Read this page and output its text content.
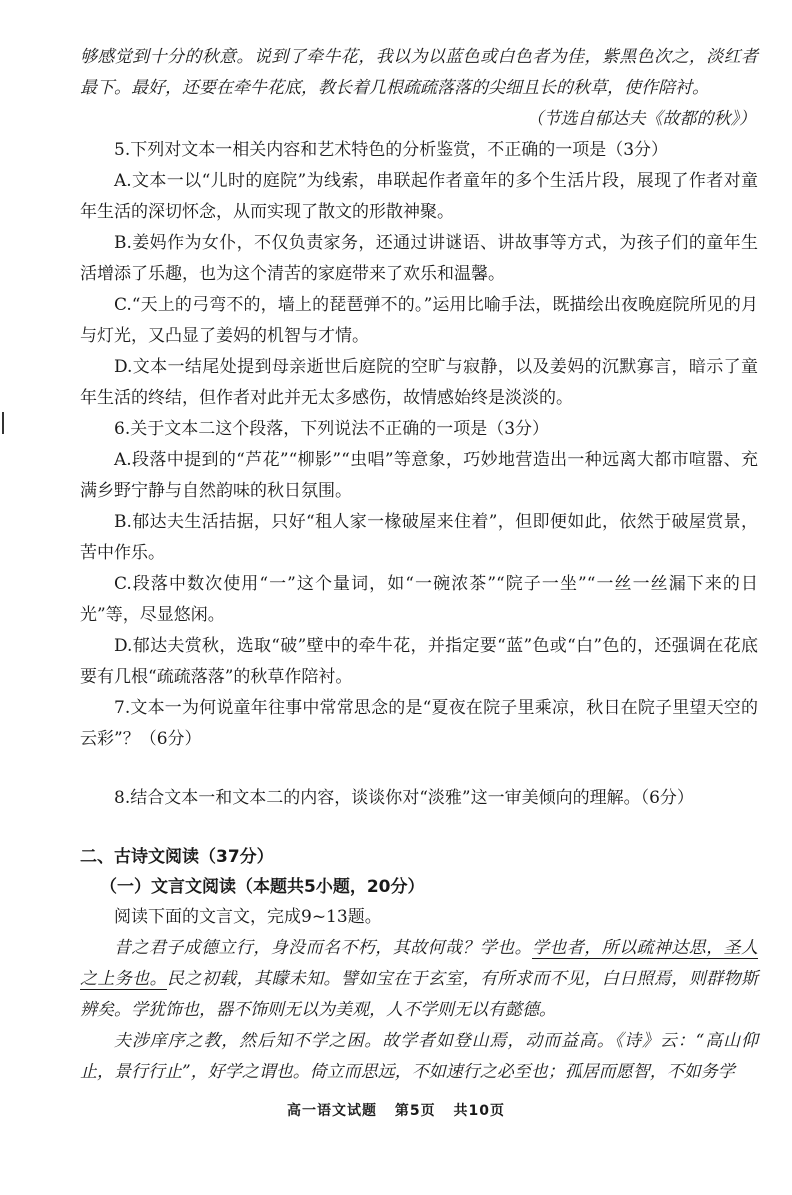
够感觉到十分的秋意。说到了牵牛花，我以为以蓝色或白色者为佳，紫黑色次之，淡红者最下。最好，还要在牵牛花底，教长着几根疏疏落落的尖细且长的秋草，使作陪衬。
（节选自郁达夫《故都的秋》）
5.下列对文本一相关内容和艺术特色的分析鉴赏，不正确的一项是（3分）
A.文本一以“儿时的庭院”为线索，串联起作者童年的多个生活片段，展现了作者对童年生活的深切怀念，从而实现了散文的形散神聚。
B.姜妈作为女仆，不仅负责家务，还通过讲谜语、讲故事等方式，为孩子们的童年生活增添了乐趣，也为这个清苦的家庭带来了欢乐和温馨。
C.“天上的弓弯不的，墙上的琵琶弹不的。”运用比喻手法，既描绘出夜晚庭院所见的月与灯光，又凸显了姜妈的机智与才情。
D.文本一结尾处提到母亲逝世后庭院的空旷与寂静，以及姜妈的沉默寡言，暗示了童年生活的终结，但作者对此并无太多感伤，故情感始终是淡淡的。
6.关于文本二这个段落，下列说法不正确的一项是（3分）
A.段落中提到的“芦花”“柳影”“虫唱”等意象，巧妙地营造出一种远离大都市喧嚣、充满乡野宁静与自然韵味的秋日氛围。
B.郁达夫生活拮据，只好“租人家一椽破屋来住着”，但即便如此，依然于破屋赏景，苦中作乐。
C.段落中数次使用“一”这个量词，如“一碗浓茶”“院子一坐”“一丝一丝漏下来的日光”等，尽显悠闲。
D.郁达夫赏秋，选取“破”壁中的牵牛花，并指定要“蓝”色或“白”色的，还强调在花底要有几根“疏疏落落”的秋草作陪衬。
7.文本一为何说童年往事中常常思念的是“夏夜在院子里乘凉，秋日在院子里望天空的云彩”？（6分）
8.结合文本一和文本二的内容，谈谈你对“淡雅”这一审美倾向的理解。（6分）
二、古诗文阅读（37分）
（一）文言文阅读（本题共5小题，20分）
阅读下面的文言文，完成9~13题。
昔之君子成德立行，身没而名不朽，其故何哉？学也。学也者，所以疏神达思，圣人之上务也。民之初载，其矇未知。譬如宝在于玄室，有所求而不见，白日照焉，则群物斯辨矣。学犹饰也，器不饰则无以为美观，人不学则无以有懿德。
夫涉庠序之教，然后知不学之困。故学者如登山焉，动而益高。《诗》云：“高山仰止，景行行止”，好学之谓也。倚立而思远，不如速行之必至也；孤居而愿智，不如务学
高一语文试题 第5页 共10页
